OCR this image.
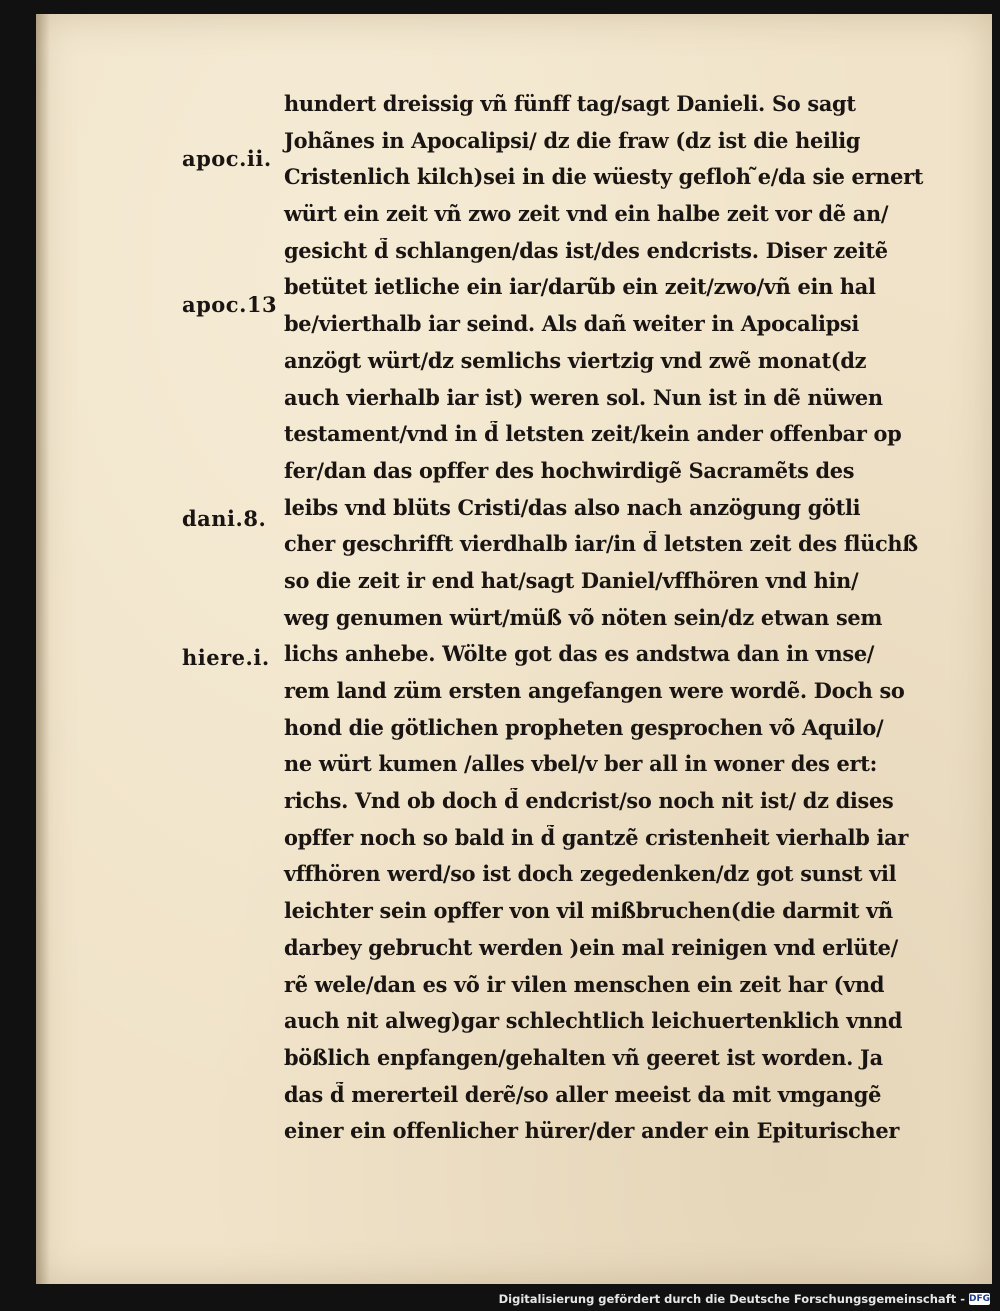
apoc.ii.
apoc.13
dani.8.
hiere.i.
hundert dreissig vñ fünff tag/sagt Danieli. So sagt
Johãnes in Apocalipsi/ dz die fraw (dz ist die heilig
Cristenlich kilch)sei in die wüesty gefloh ̃e/da sie ernert
würt ein zeit vñ zwo zeit vnd ein halbe zeit vor dẽ an/
gesicht d̃ schlangen/das ist/des endcrists. Diser zeitẽ
betütet ietliche ein iar/darũb ein zeit/zwo/vñ ein hal
be/vierthalb iar seind. Als dañ weiter in Apocalipsi
anzögt würt/dz semlichs viertzig vnd zwẽ monat(dz
auch vierhalb iar ist) weren sol. Nun ist in dẽ nüwen
testament/vnd in d̃ letsten zeit/kein ander offenbar op
fer/dan das opffer des hochwirdigẽ Sacramẽts des
leibs vnd blüts Cristi/das also nach anzögung götli
cher geschrifft vierdhalb iar/in d̃ letsten zeit des flüchß
so die zeit ir end hat/sagt Daniel/vffhören vnd hin/
weg genumen würt/müß võ nöten sein/dz etwan sem
lichs anhebe. Wölte got das es andstwa dan in vnse/
rem land züm ersten angefangen were wordẽ. Doch so
hond die götlichen propheten gesprochen võ Aquilo/
ne würt kumen /alles vbel/v ber all in woner des ert:
richs. Vnd ob doch d̃ endcrist/so noch nit ist/ dz dises
opffer noch so bald in d̃ gantzẽ cristenheit vierhalb iar
vffhören werd/so ist doch zegedenken/dz got sunst vil
leichter sein opffer von vil mißbruchen(die darmit vñ
darbey gebrucht werden )ein mal reinigen vnd erlüte/
rẽ wele/dan es võ ir vilen menschen ein zeit har (vnd
auch nit alweg)gar schlechtlich leichuertenklich vnnd
bößlich enpfangen/gehalten vñ geeret ist worden. Ja
das d̃ mererteil derẽ/so aller meeist da mit vmgangẽ
einer ein offenlicher hürer/der ander ein Epiturischer
Digitalisierung gefördert durch die Deutsche Forschungsgemeinschaft - DFG
